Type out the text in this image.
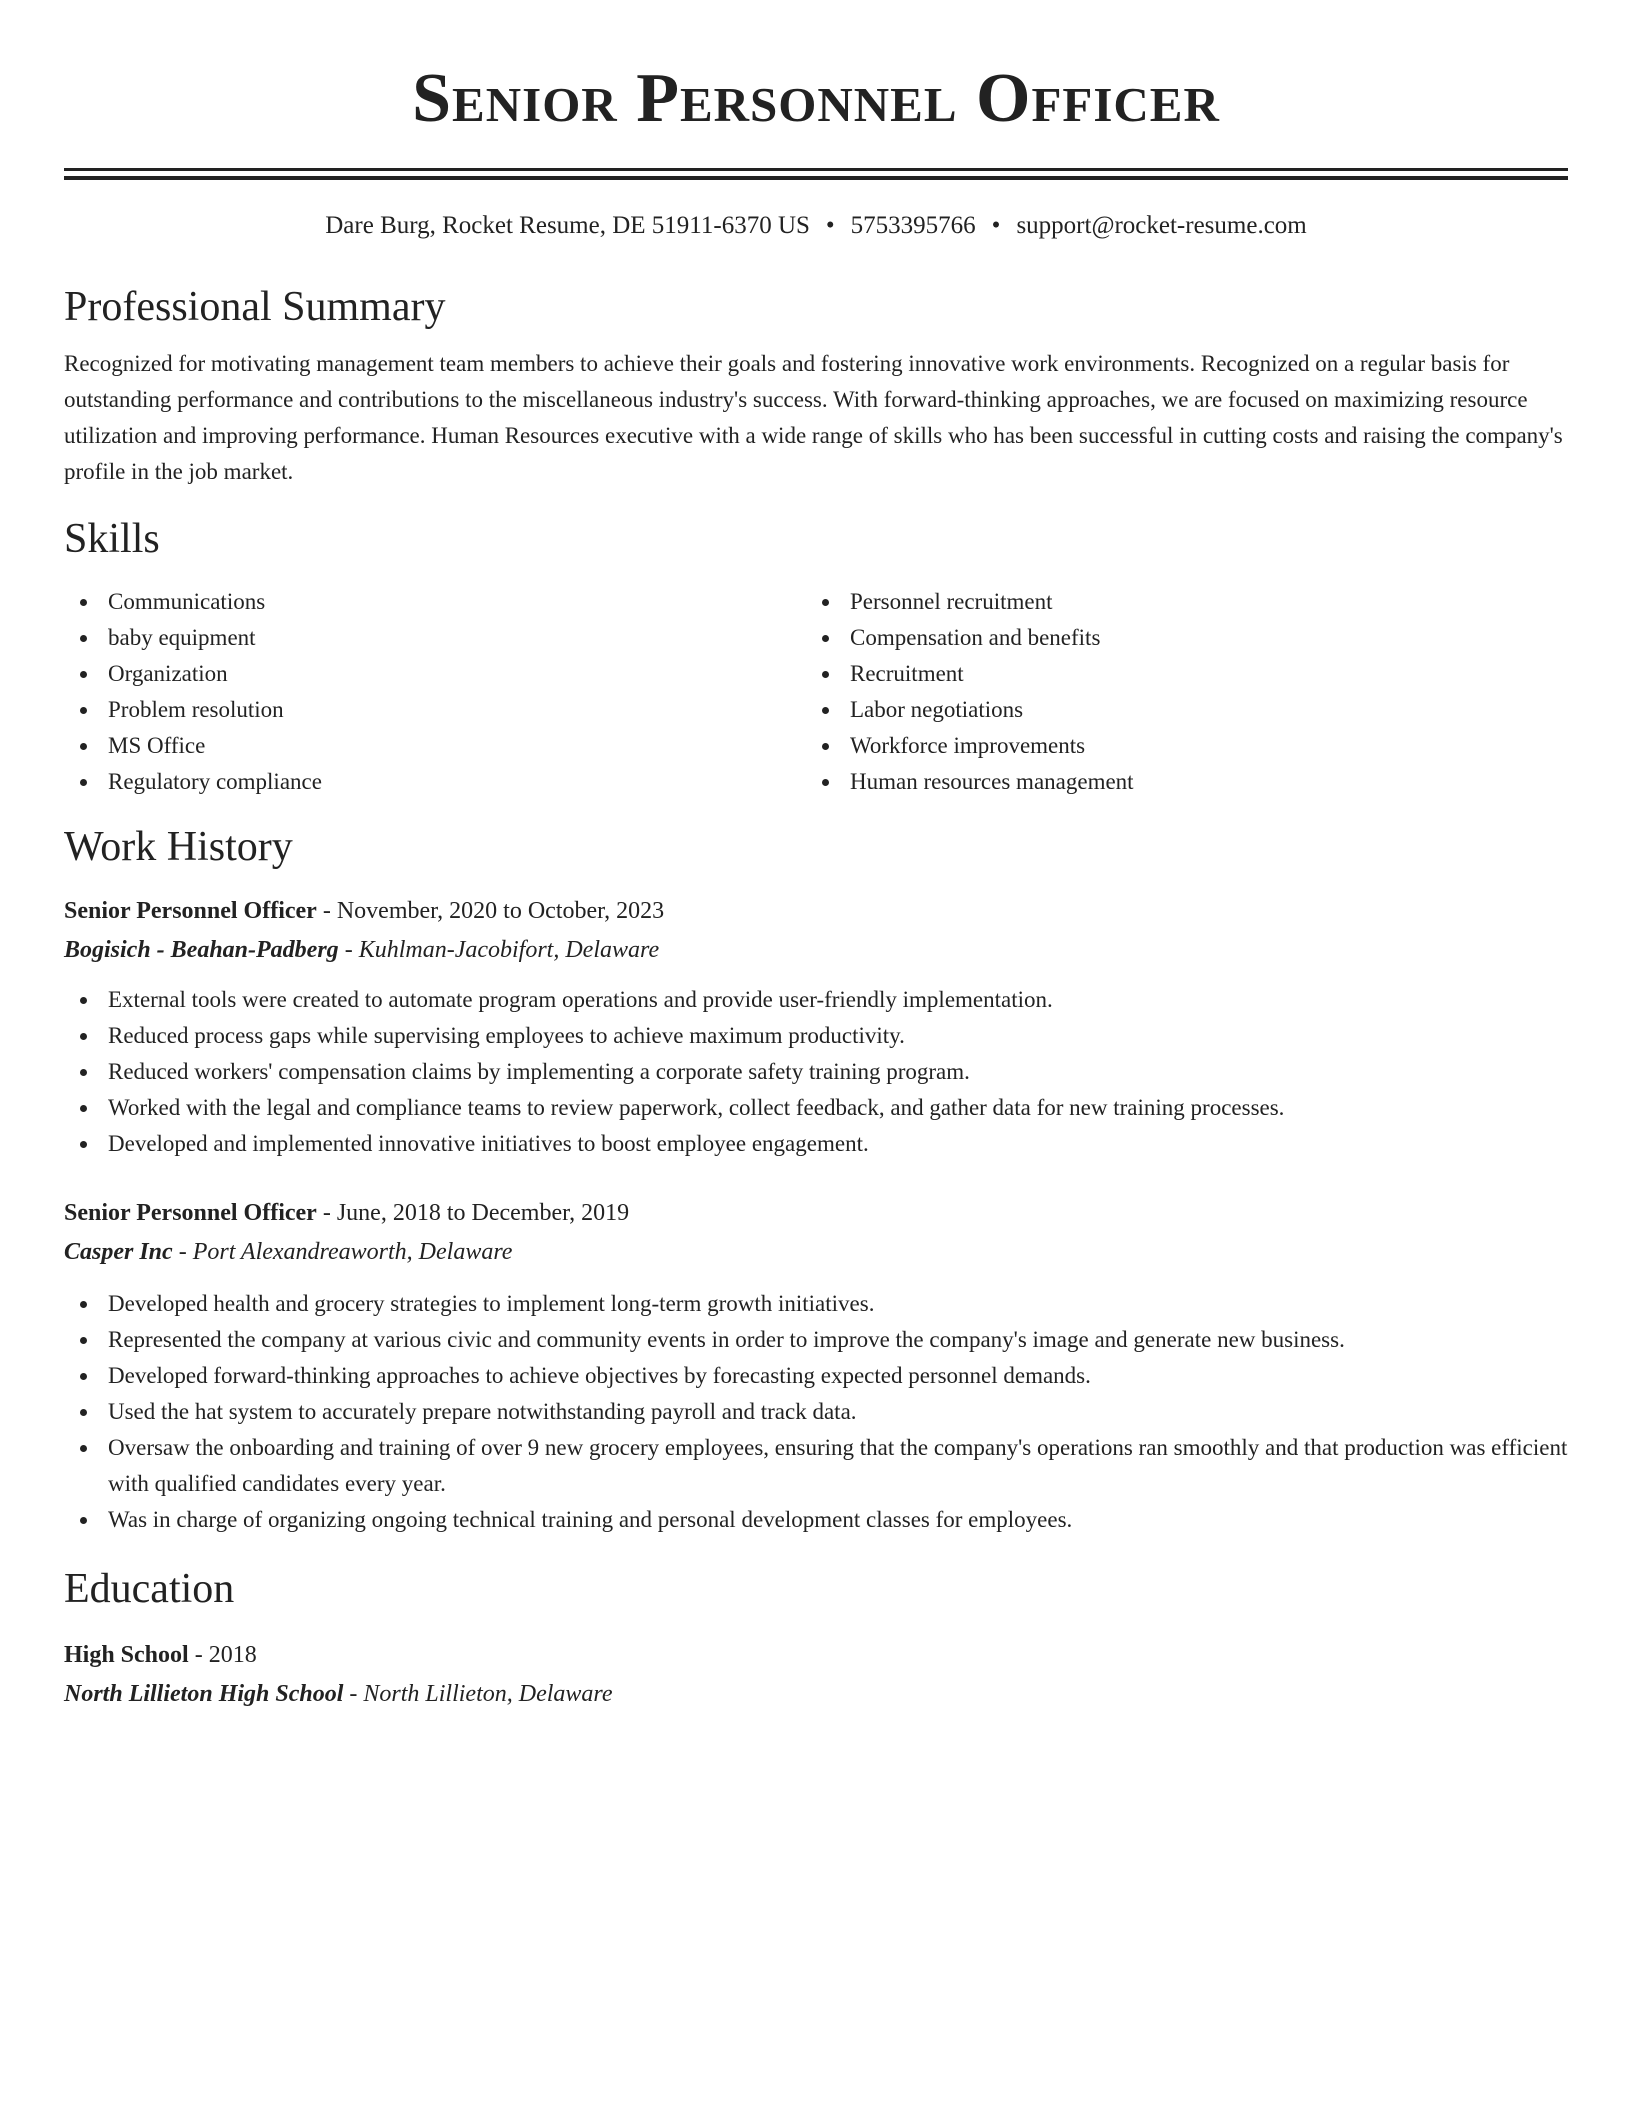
Senior Personnel Officer
Dare Burg, Rocket Resume, DE 51911-6370 US • 5753395766 • support@rocket-resume.com
Professional Summary
Recognized for motivating management team members to achieve their goals and fostering innovative work environments. Recognized on a regular basis for outstanding performance and contributions to the miscellaneous industry's success. With forward-thinking approaches, we are focused on maximizing resource utilization and improving performance. Human Resources executive with a wide range of skills who has been successful in cutting costs and raising the company's profile in the job market.
Skills
Communications
baby equipment
Organization
Problem resolution
MS Office
Regulatory compliance
Personnel recruitment
Compensation and benefits
Recruitment
Labor negotiations
Workforce improvements
Human resources management
Work History
Senior Personnel Officer - November, 2020 to October, 2023
Bogisich - Beahan-Padberg - Kuhlman-Jacobifort, Delaware
External tools were created to automate program operations and provide user-friendly implementation.
Reduced process gaps while supervising employees to achieve maximum productivity.
Reduced workers' compensation claims by implementing a corporate safety training program.
Worked with the legal and compliance teams to review paperwork, collect feedback, and gather data for new training processes.
Developed and implemented innovative initiatives to boost employee engagement.
Senior Personnel Officer - June, 2018 to December, 2019
Casper Inc - Port Alexandreaworth, Delaware
Developed health and grocery strategies to implement long-term growth initiatives.
Represented the company at various civic and community events in order to improve the company's image and generate new business.
Developed forward-thinking approaches to achieve objectives by forecasting expected personnel demands.
Used the hat system to accurately prepare notwithstanding payroll and track data.
Oversaw the onboarding and training of over 9 new grocery employees, ensuring that the company's operations ran smoothly and that production was efficient with qualified candidates every year.
Was in charge of organizing ongoing technical training and personal development classes for employees.
Education
High School - 2018
North Lillieton High School - North Lillieton, Delaware
